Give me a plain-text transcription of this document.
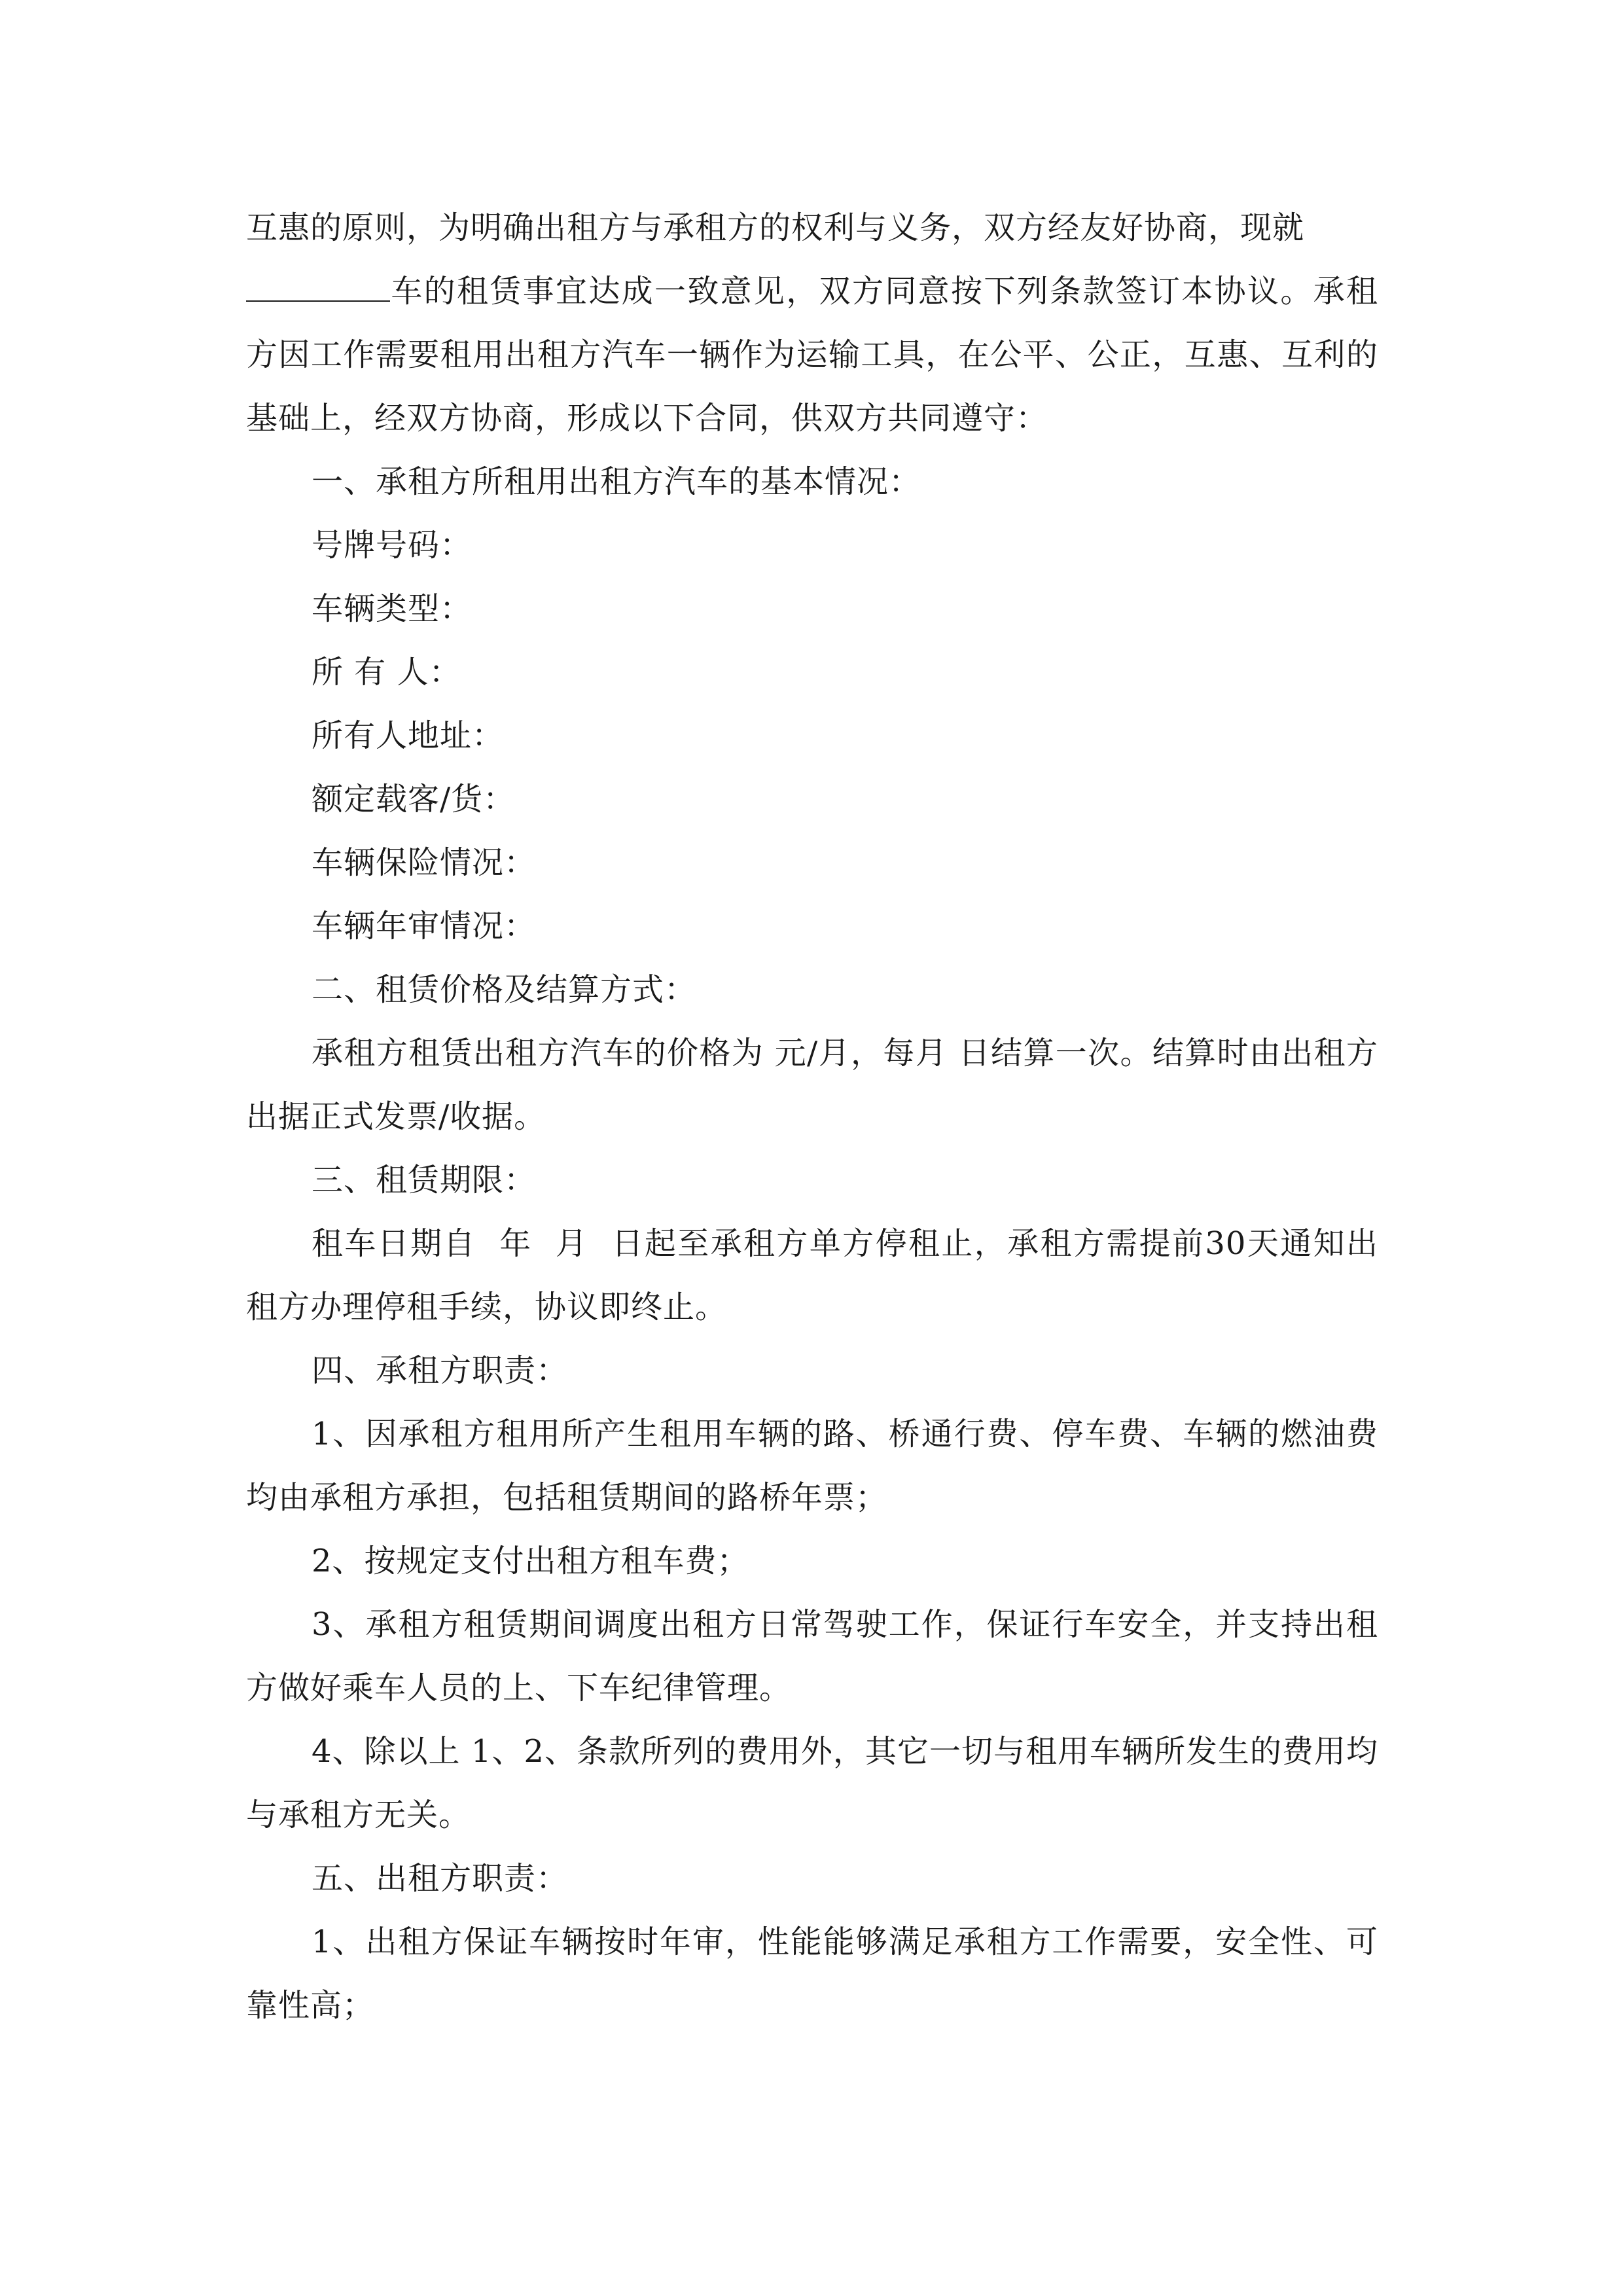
互惠的原则，为明确出租方与承租方的权利与义务，双方经友好协商，现就

车的租赁事宜达成一致意见，双方同意按下列条款签订本协议。承租方因工作需要租用出租方汽车一辆作为运输工具，在公平、公正，互惠、互利的基础上，经双方协商，形成以下合同，供双方共同遵守：

一、承租方所租用出租方汽车的基本情况：

号牌号码：

车辆类型：

所 有 人：

所有人地址：

额定载客/货：

车辆保险情况：

车辆年审情况：

二、租赁价格及结算方式：

承租方租赁出租方汽车的价格为 元/月，每月 日结算一次。结算时由出租方出据正式发票/收据。

三、租赁期限：

租车日期自  年  月  日起至承租方单方停租止，承租方需提前30天通知出租方办理停租手续，协议即终止。

四、承租方职责：

1、因承租方租用所产生租用车辆的路、桥通行费、停车费、车辆的燃油费均由承租方承担，包括租赁期间的路桥年票；

2、按规定支付出租方租车费；

3、承租方租赁期间调度出租方日常驾驶工作，保证行车安全，并支持出租方做好乘车人员的上、下车纪律管理。

4、除以上 1、2、条款所列的费用外，其它一切与租用车辆所发生的费用均与承租方无关。

五、出租方职责：

1、出租方保证车辆按时年审，性能能够满足承租方工作需要，安全性、可靠性高；
